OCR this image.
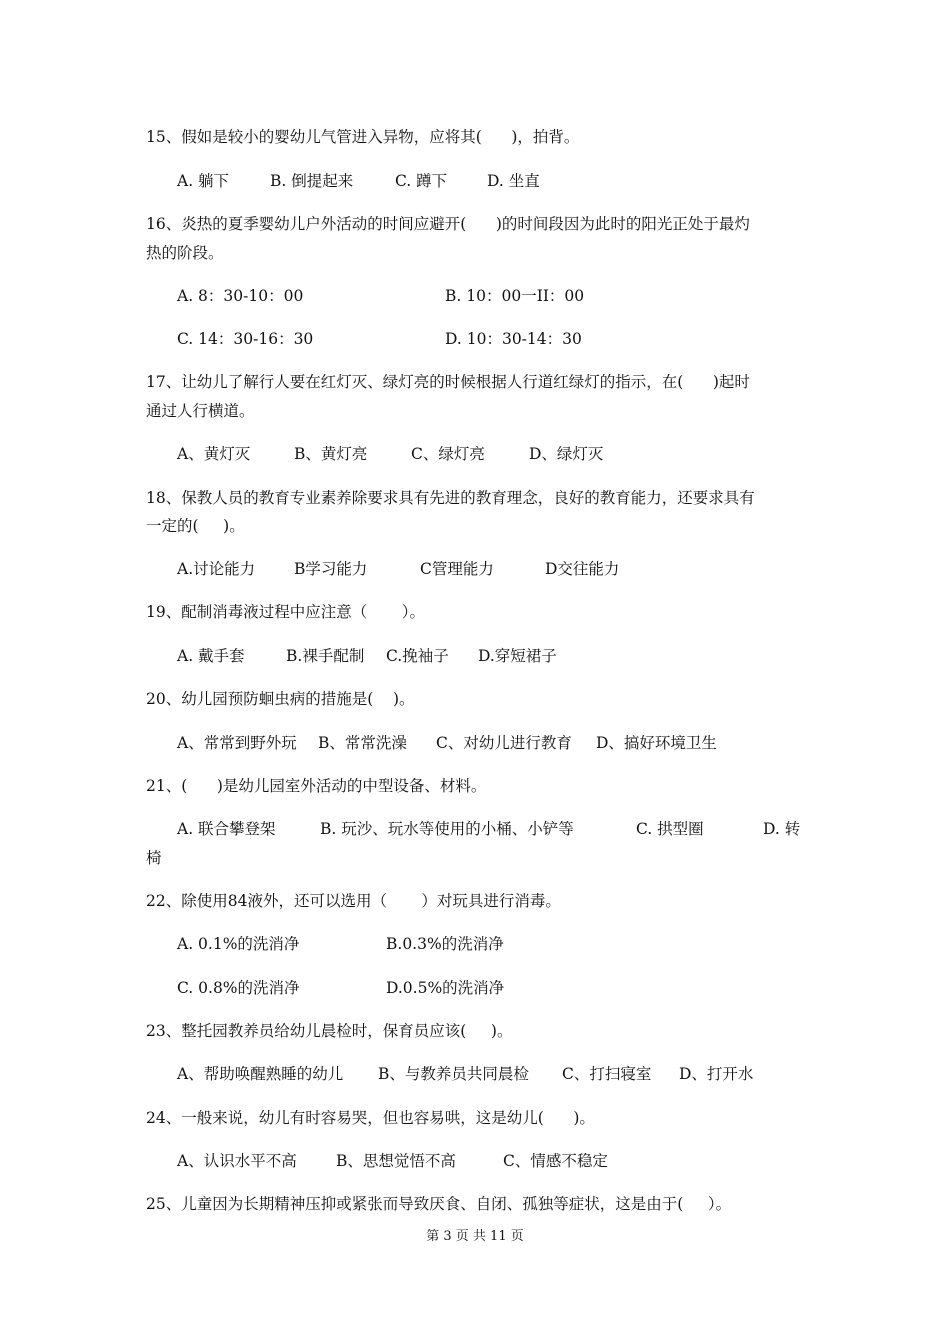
15、假如是较小的婴幼儿气管进入异物，应将其(      )，拍背。
A. 躺下	B. 倒提起来	C. 蹲下	D. 坐直
16、炎热的夏季婴幼儿户外活动的时间应避开(      )的时间段因为此时的阳光正处于最灼
热的阶段。
A. 8：30-10：00	B. 10：00一II：00
C. 14：30-16：30	D. 10：30-14：30
17、让幼儿了解行人要在红灯灭、绿灯亮的时候根据人行道红绿灯的指示，在(      )起时
通过人行横道。
A、黄灯灭	B、黄灯亮	C、绿灯亮	D、绿灯灭
18、保教人员的教育专业素养除要求具有先进的教育理念，良好的教育能力，还要求具有
一定的(     )。
A.讨论能力	B学习能力	C管理能力	D交往能力
19、配制消毒液过程中应注意（       ）。
A. 戴手套	B.裸手配制 C.挽袖子 D.穿短裙子
20、幼儿园预防蛔虫病的措施是(    )。
A、常常到野外玩 B、常常洗澡 C、对幼儿进行教育 D、搞好环境卫生
21、(      )是幼儿园室外活动的中型设备、材料。
A. 联合攀登架	B. 玩沙、玩水等使用的小桶、小铲等	C. 拱型圈	D. 转
椅
22、除使用84液外，还可以选用（       ）对玩具进行消毒。
A. 0.1%的洗消净	B.0.3%的洗消净
C. 0.8%的洗消净	D.0.5%的洗消净
23、整托园教养员给幼儿晨检时，保育员应该(     )。
A、帮助唤醒熟睡的幼儿 B、与教养员共同晨检 C、打扫寝室 D、打开水
24、一般来说，幼儿有时容易哭，但也容易哄，这是幼儿(      )。
A、认识水平不高	B、思想觉悟不高	C、情感不稳定
25、儿童因为长期精神压抑或紧张而导致厌食、自闭、孤独等症状，这是由于(     ）。
第 3 页 共 11 页
